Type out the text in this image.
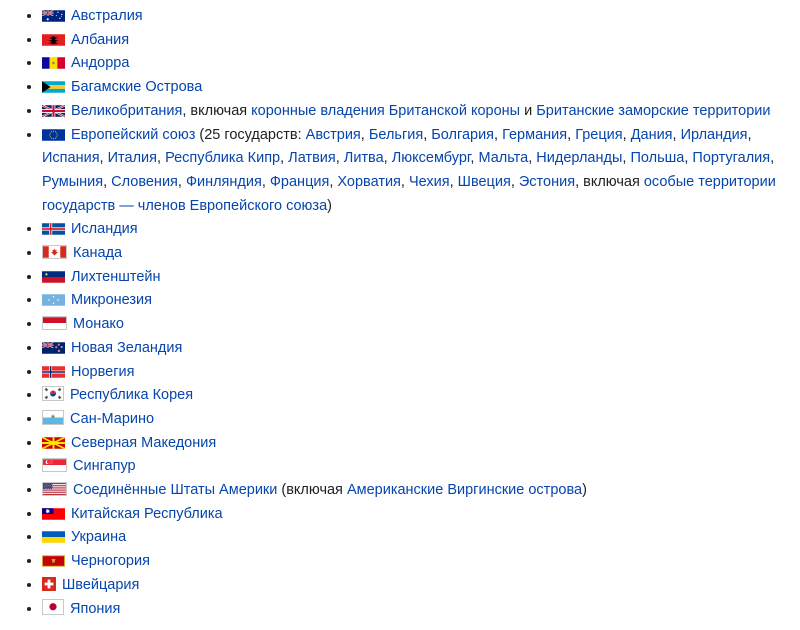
• Австралия
• Албания
• Андорра
• Багамские Острова
• Великобритания, включая коронные владения Британской короны и Британские заморские территории
• Европейский союз (25 государств: Австрия, Бельгия, Болгария, Германия, Греция, Дания, Ирландия, Испания, Италия, Республика Кипр, Латвия, Литва, Люксембург, Мальта, Нидерланды, Польша, Португалия, Румыния, Словения, Финляндия, Франция, Хорватия, Чехия, Швеция, Эстония, включая особые территории государств — членов Европейского союза)
• Исландия
• Канада
• Лихтенштейн
• Микронезия
• Монако
• Новая Зеландия
• Норвегия
• Республика Корея
• Сан-Марино
• Северная Македония
• Сингапур
• Соединённые Штаты Америки (включая Американские Виргинские острова)
• Китайская Республика
• Украина
• Черногория
• Швейцария
• Япония
